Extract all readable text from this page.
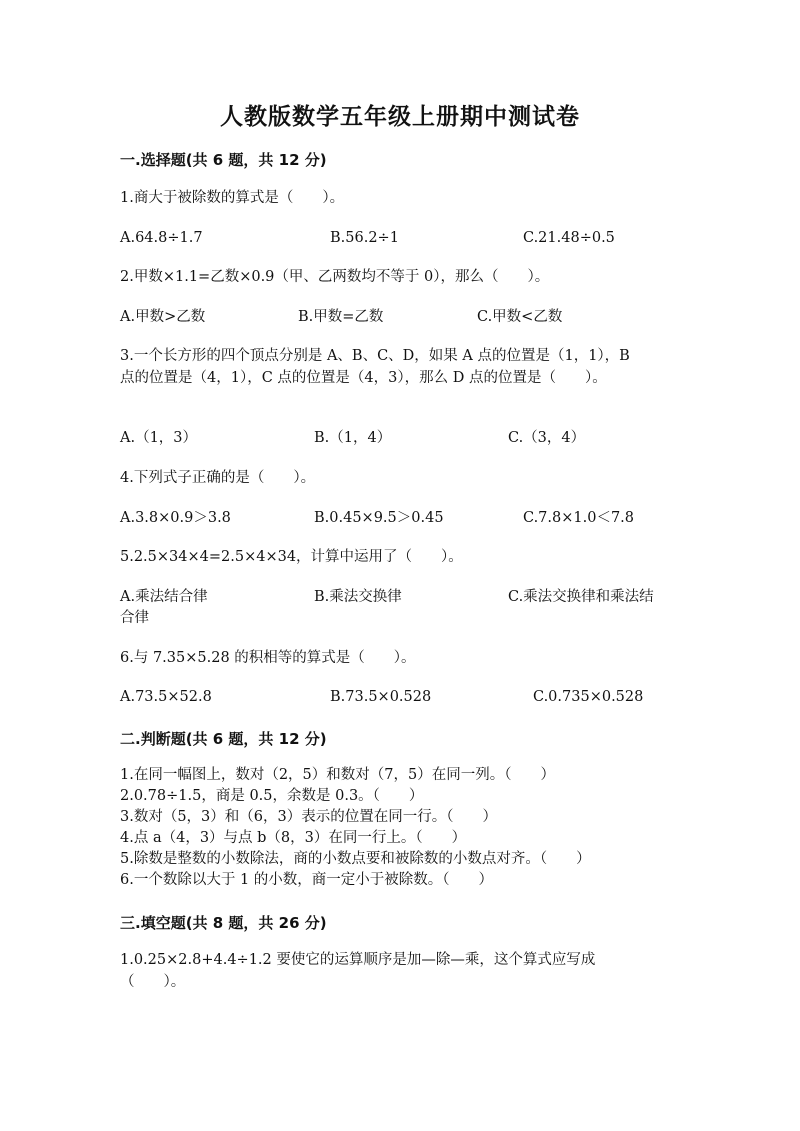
人教版数学五年级上册期中测试卷
一.选择题(共 6 题，共 12 分)
1.商大于被除数的算式是（　　）。
A.64.8÷1.7	B.56.2÷1	C.21.48÷0.5
2.甲数×1.1=乙数×0.9（甲、乙两数均不等于 0），那么（　　）。
A.甲数>乙数	B.甲数=乙数	C.甲数<乙数
3.一个长方形的四个顶点分别是 A、B、C、D，如果 A 点的位置是（1，1），B
点的位置是（4，1），C 点的位置是（4，3），那么 D 点的位置是（　　）。
A.（1，3）	B.（1，4）	C.（3，4）
4.下列式子正确的是（　　）。
A.3.8×0.9＞3.8	B.0.45×9.5＞0.45	C.7.8×1.0＜7.8
5.2.5×34×4=2.5×4×34，计算中运用了（　　）。
A.乘法结合律	B.乘法交换律	C.乘法交换律和乘法结
合律
6.与 7.35×5.28 的积相等的算式是（　　）。
A.73.5×52.8	B.73.5×0.528	C.0.735×0.528
二.判断题(共 6 题，共 12 分)
1.在同一幅图上，数对（2，5）和数对（7，5）在同一列。（　　）
2.0.78÷1.5，商是 0.5，余数是 0.3。（　　）
3.数对（5，3）和（6，3）表示的位置在同一行。（　　）
4.点 a（4，3）与点 b（8，3）在同一行上。（　　）
5.除数是整数的小数除法，商的小数点要和被除数的小数点对齐。（　　）
6.一个数除以大于 1 的小数，商一定小于被除数。（　　）
三.填空题(共 8 题，共 26 分)
1.0.25×2.8+4.4÷1.2 要使它的运算顺序是加—除—乘，这个算式应写成
（　　）。
